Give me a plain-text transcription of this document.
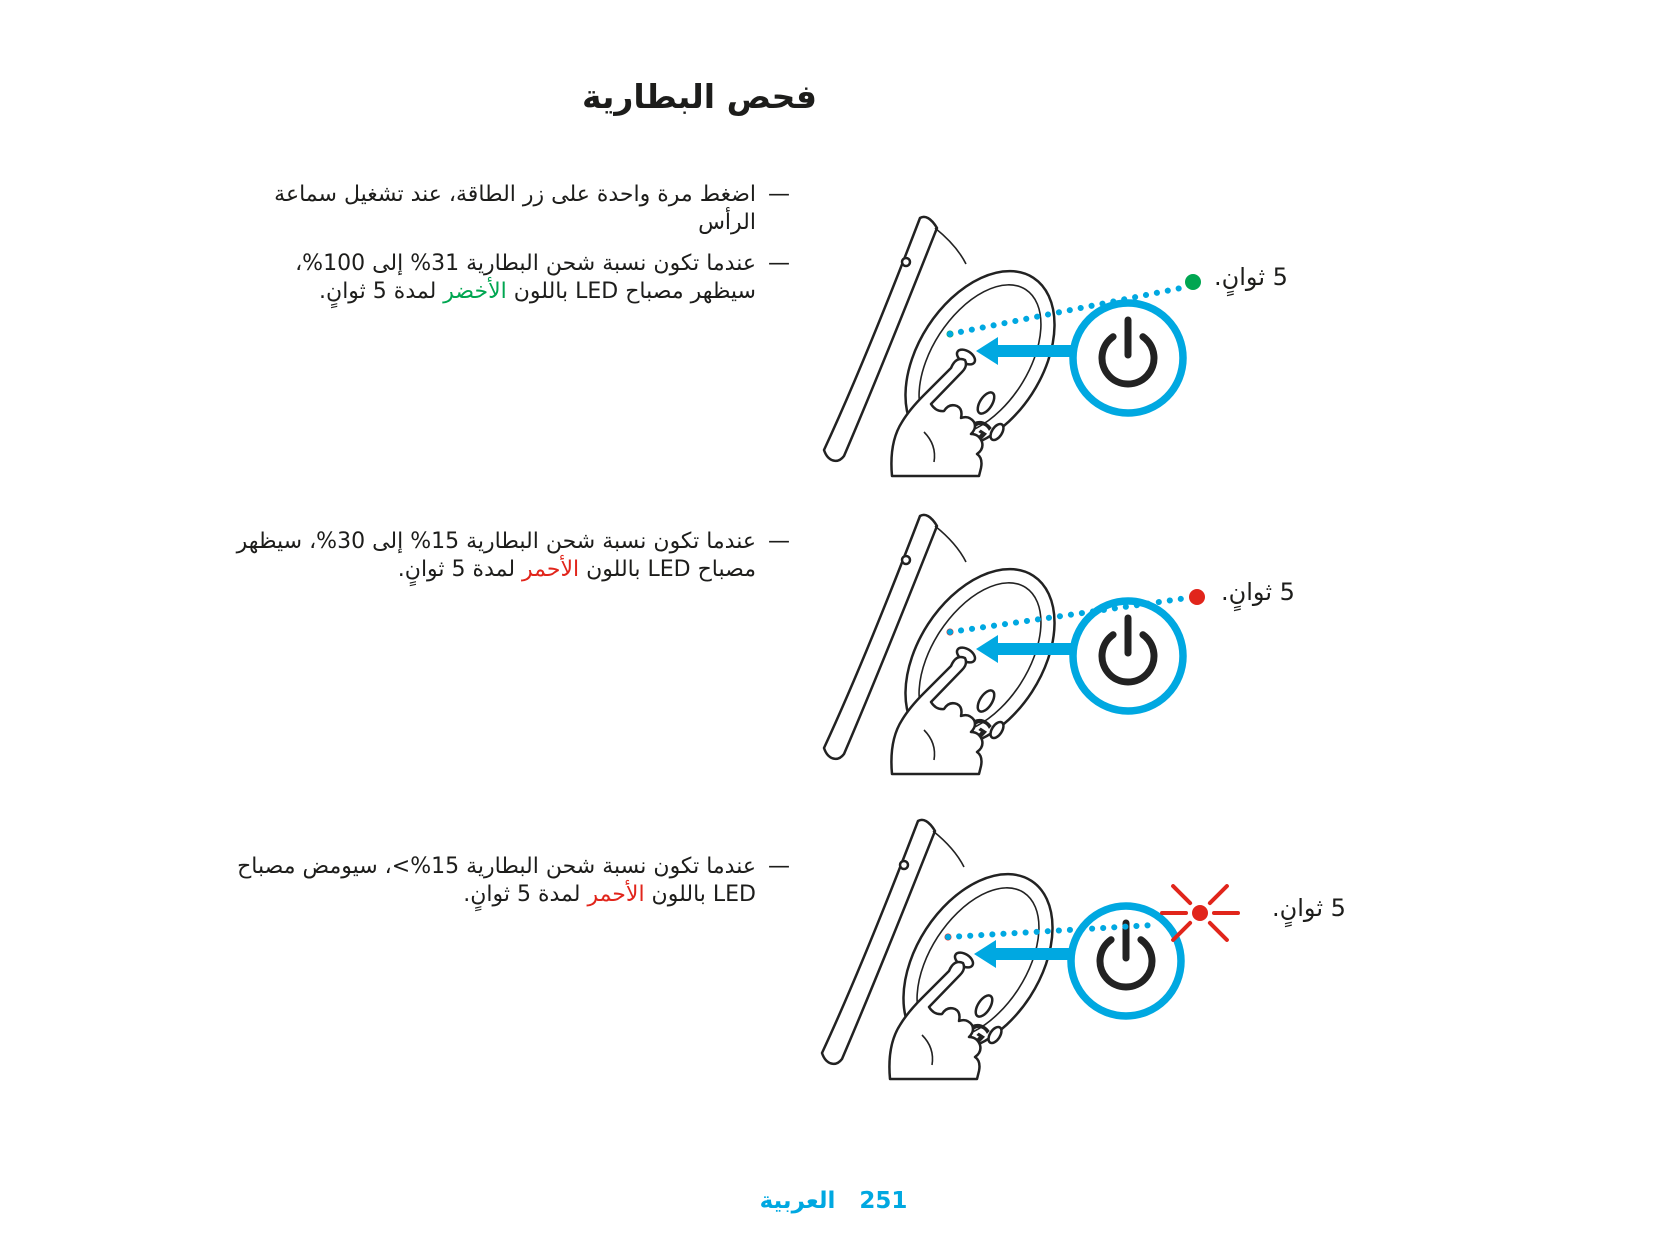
فحص البطارية
—
اضغط مرة واحدة على زر الطاقة، عند تشغيل سماعة الرأس
—
عندما تكون نسبة شحن البطارية %31 إلى %100، سيظهر مصباح LED باللون الأخضر لمدة 5 ثوانٍ.
—
عندما تكون نسبة شحن البطارية %15 إلى %30، سيظهر مصباح LED باللون الأحمر لمدة 5 ثوانٍ.
—
عندما تكون نسبة شحن البطارية <%15، سيومض مصباح LED باللون الأحمر لمدة 5 ثوانٍ.
5 ثوانٍ.
5 ثوانٍ.
5 ثوانٍ.
العربية 251
